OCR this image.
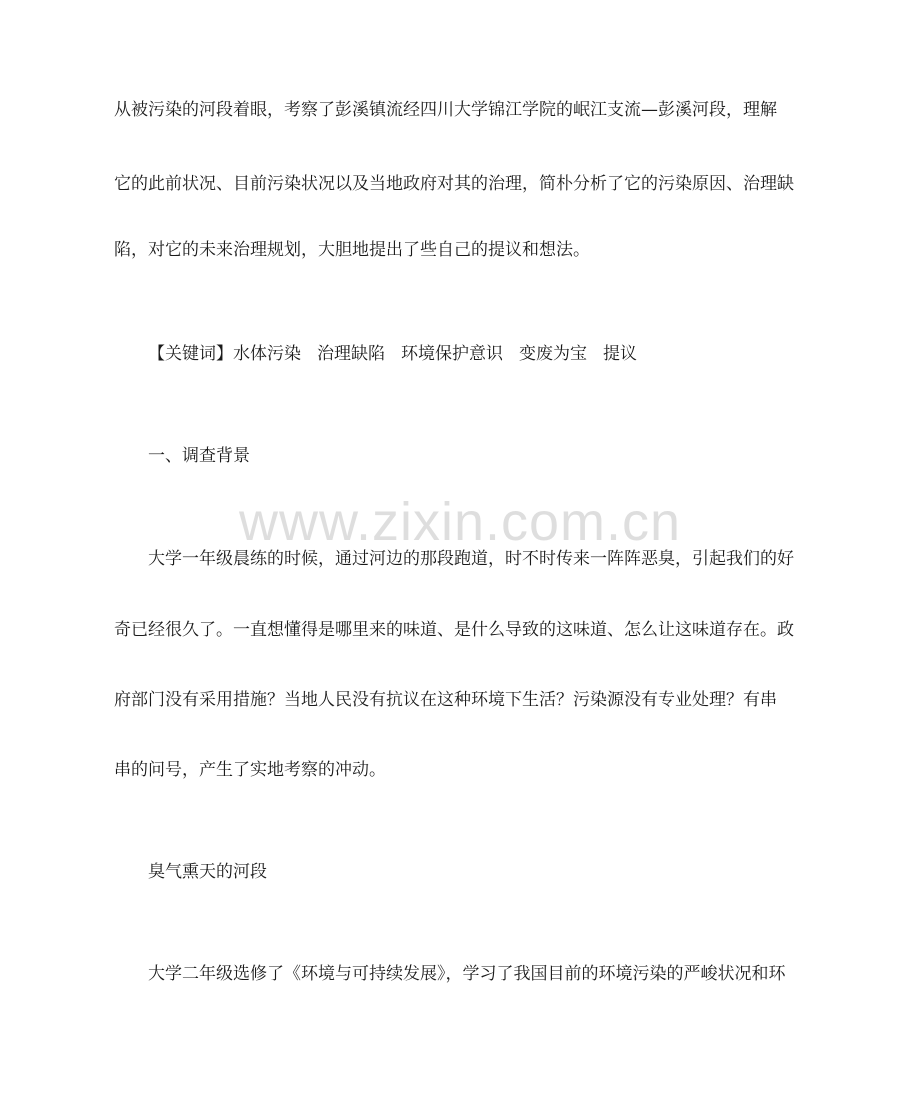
从被污染的河段着眼，考察了彭溪镇流经四川大学锦江学院的岷江支流—彭溪河段，理解
它的此前状况、目前污染状况以及当地政府对其的治理，简朴分析了它的污染原因、治理缺
陷，对它的未来治理规划，大胆地提出了些自己的提议和想法。
【关键词】水体污染 治理缺陷 环境保护意识 变废为宝 提议
一、调查背景
大学一年级晨练的时候，通过河边的那段跑道，时不时传来一阵阵恶臭，引起我们的好
奇已经很久了。一直想懂得是哪里来的味道、是什么导致的这味道、怎么让这味道存在。政
府部门没有采用措施？当地人民没有抗议在这种环境下生活？污染源没有专业处理？有串
串的问号，产生了实地考察的冲动。
臭气熏天的河段
大学二年级选修了《环境与可持续发展》，学习了我国目前的环境污染的严峻状况和环
www.zixin.com.cn
